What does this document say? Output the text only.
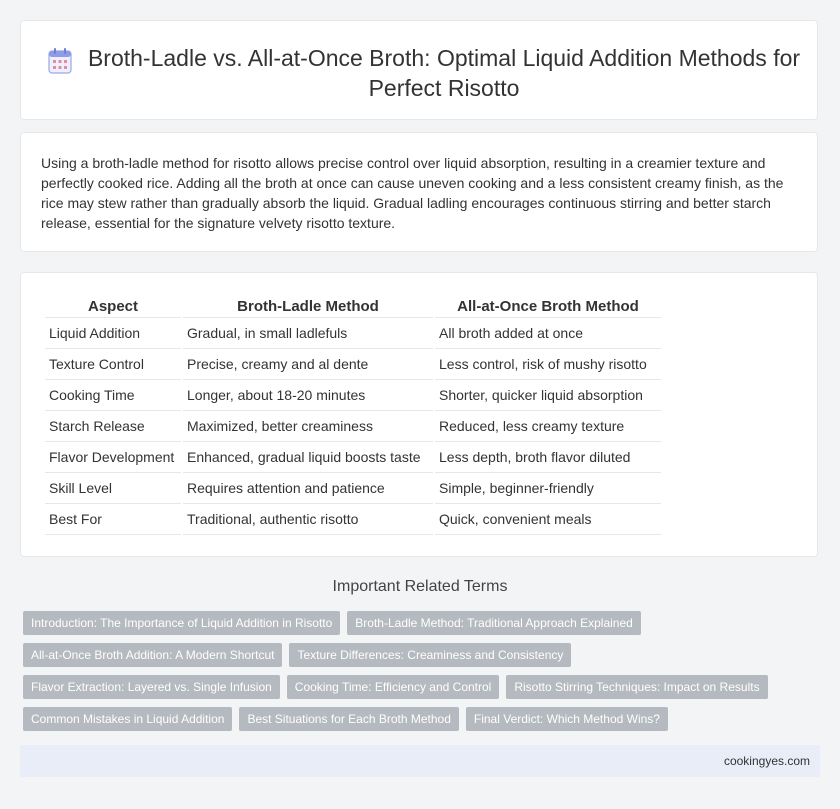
Broth-Ladle vs. All-at-Once Broth: Optimal Liquid Addition Methods for Perfect Risotto
Using a broth-ladle method for risotto allows precise control over liquid absorption, resulting in a creamier texture and perfectly cooked rice. Adding all the broth at once can cause uneven cooking and a less consistent creamy finish, as the rice may stew rather than gradually absorb the liquid. Gradual ladling encourages continuous stirring and better starch release, essential for the signature velvety risotto texture.
Aspect	Broth-Ladle Method	All-at-Once Broth Method
Liquid Addition	Gradual, in small ladlefuls	All broth added at once
Texture Control	Precise, creamy and al dente	Less control, risk of mushy risotto
Cooking Time	Longer, about 18-20 minutes	Shorter, quicker liquid absorption
Starch Release	Maximized, better creaminess	Reduced, less creamy texture
Flavor Development	Enhanced, gradual liquid boosts taste	Less depth, broth flavor diluted
Skill Level	Requires attention and patience	Simple, beginner-friendly
Best For	Traditional, authentic risotto	Quick, convenient meals
Important Related Terms
Introduction: The Importance of Liquid Addition in Risotto	Broth-Ladle Method: Traditional Approach Explained
All-at-Once Broth Addition: A Modern Shortcut	Texture Differences: Creaminess and Consistency
Flavor Extraction: Layered vs. Single Infusion	Cooking Time: Efficiency and Control	Risotto Stirring Techniques: Impact on Results
Common Mistakes in Liquid Addition	Best Situations for Each Broth Method	Final Verdict: Which Method Wins?
cookingyes.com
